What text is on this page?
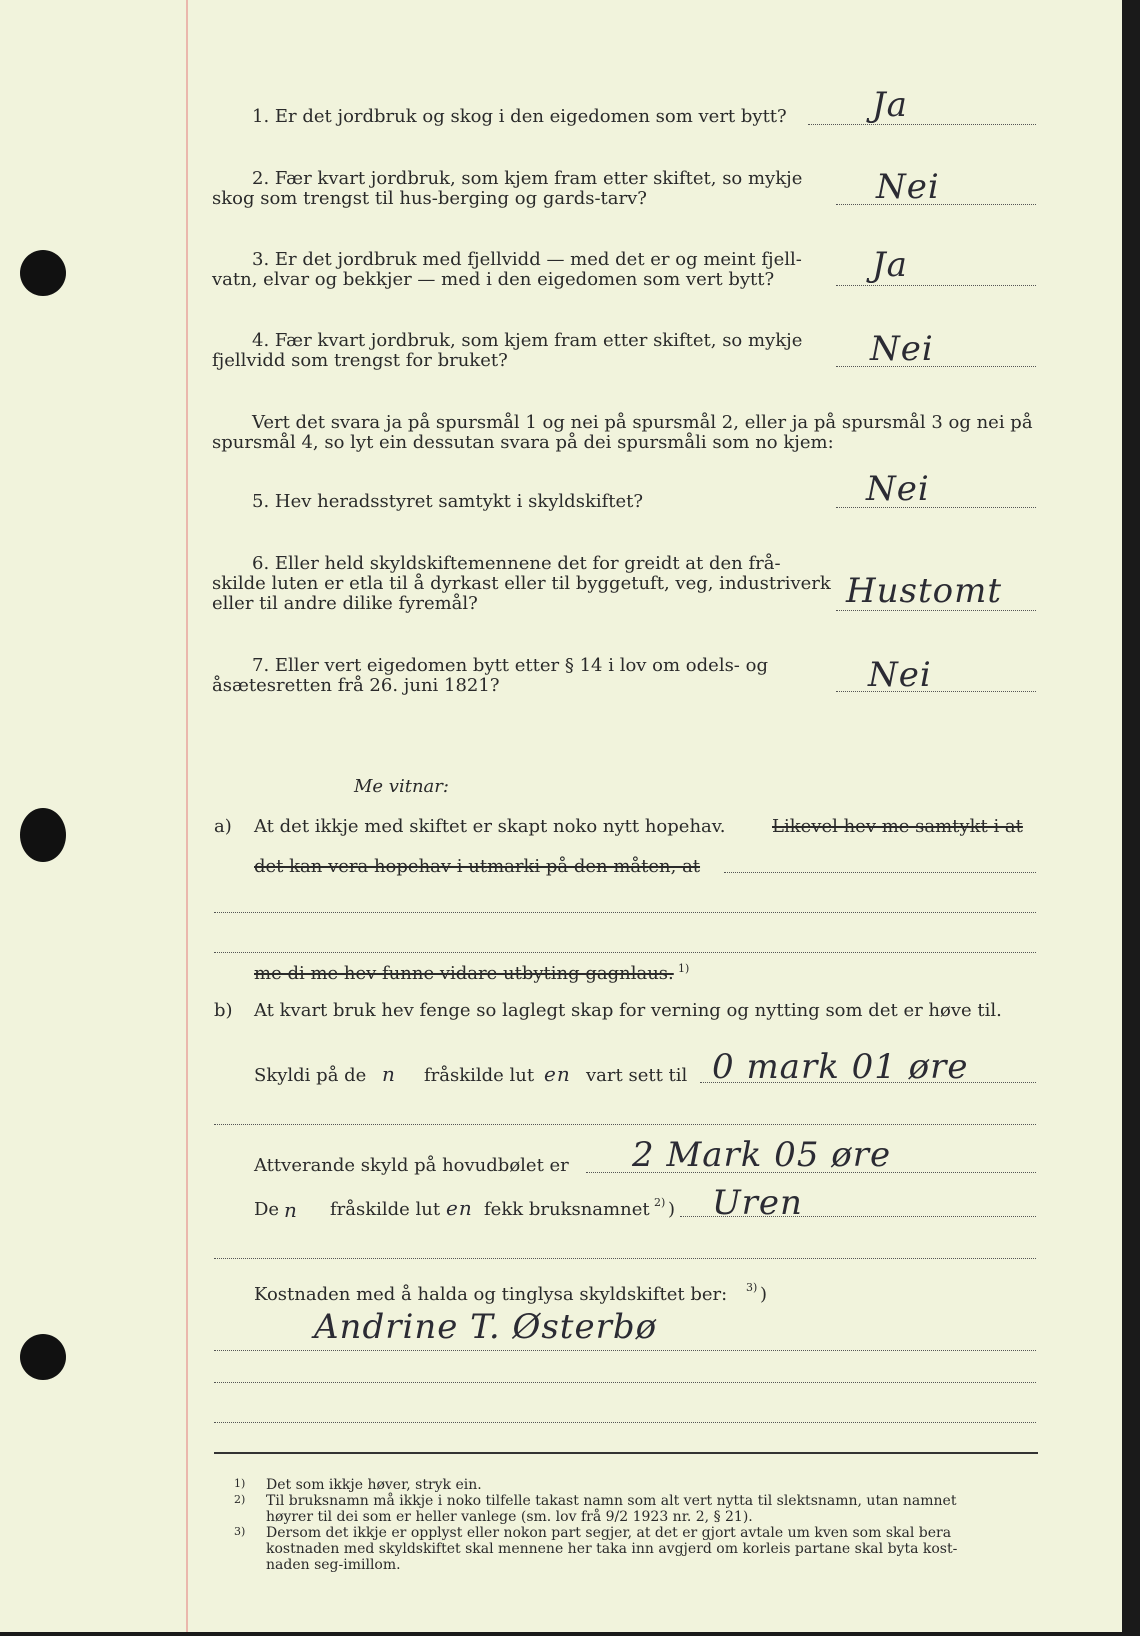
1. Er det jordbruk og skog i den eigedomen som vert bytt?	Ja
2. Fær kvart jordbruk, som kjem fram etter skiftet, so mykje
skog som trengst til hus-berging og gards-tarv?	Nei
3. Er det jordbruk med fjellvidd — med det er og meint fjell-
vatn, elvar og bekkjer — med i den eigedomen som vert bytt?	Ja
4. Fær kvart jordbruk, som kjem fram etter skiftet, so mykje
fjellvidd som trengst for bruket?	Nei
Vert det svara ja på spursmål 1 og nei på spursmål 2, eller ja på spursmål 3 og nei på
spursmål 4, so lyt ein dessutan svara på dei spursmåli som no kjem:
5. Hev heradsstyret samtykt i skyldskiftet?	Nei
6. Eller held skyldskiftemennene det for greidt at den frå-
skilde luten er etla til å dyrkast eller til byggetuft, veg, industriverk
eller til andre dilike fyremål?	Hustomt
7. Eller vert eigedomen bytt etter § 14 i lov om odels- og
åsætesretten frå 26. juni 1821?	Nei
Me vitnar:
a) At det ikkje med skiftet er skapt noko nytt hopehav.	Likevel hev me samtykt i at
det kan vera hopehav i utmarki på den måten, at
me di me hev funne vidare utbyting gagnlaus. 1)
b) At kvart bruk hev fenge so laglegt skap for verning og nytting som det er høve til.
Skyldi på de n fråskilde lut en vart sett til 0 mark 01 øre
Attverande skyld på hovudbølet er 2 Mark 05 øre
De n fråskilde lut en fekk bruksnamnet 2) ) Uren
Kostnaden med å halda og tinglysa skyldskiftet ber: 3) )
Andrine T. Østerbø
1) Det som ikkje høver, stryk ein.
2) Til bruksnamn må ikkje i noko tilfelle takast namn som alt vert nytta til slektsnamn, utan namnet
høyrer til dei som er heller vanlege (sm. lov frå 9/2 1923 nr. 2, § 21).
3) Dersom det ikkje er opplyst eller nokon part segjer, at det er gjort avtale um kven som skal bera
kostnaden med skyldskiftet skal mennene her taka inn avgjerd om korleis partane skal byta kost-
naden seg-imillom.
